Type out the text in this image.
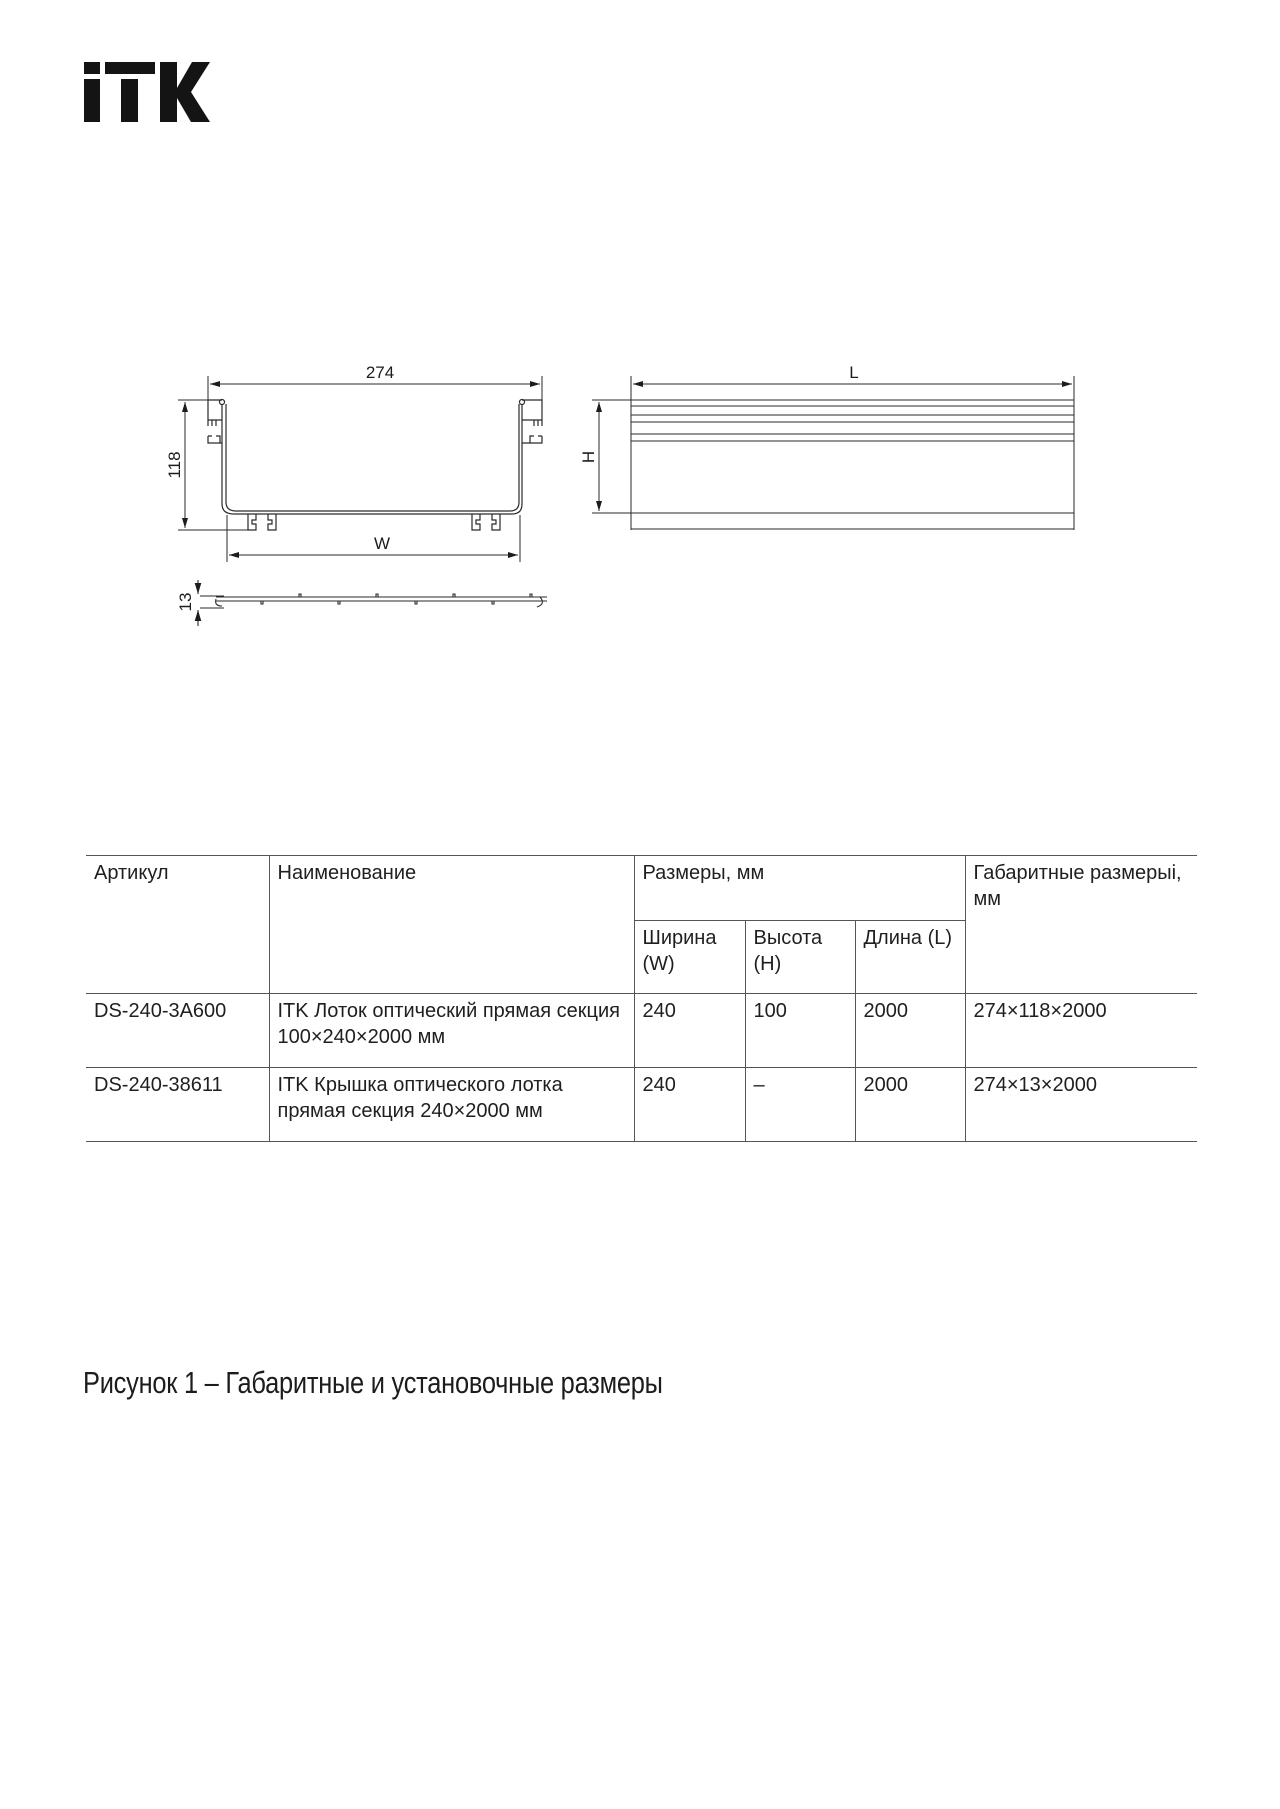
274
118
W
13
L
H
Артикул	Наименование	Размеры, мм			Габаритные размерыі, мм
		Ширина (W)	Высота (H)	Длина (L)	
DS-240-3A600	ITK Лоток оптический прямая секция 100×240×2000 мм	240	100	2000	274×118×2000
DS-240-38611	ITK Крышка оптического лотка прямая секция 240×2000 мм	240	–	2000	274×13×2000
Рисунок 1 – Габаритные и установочные размеры
